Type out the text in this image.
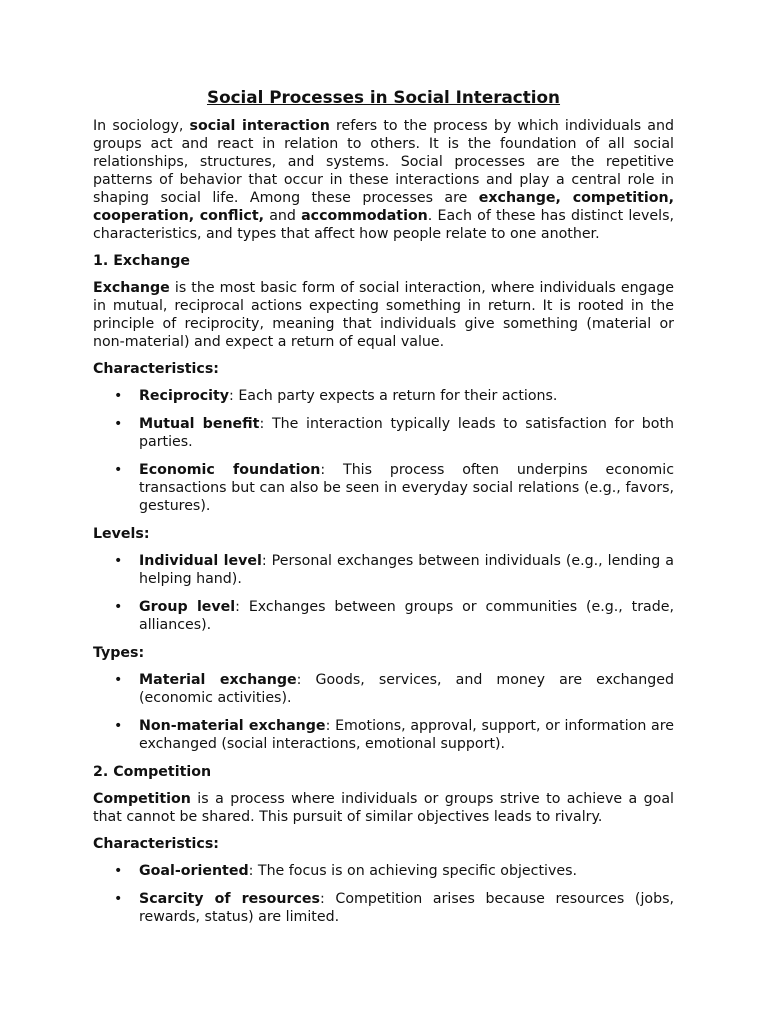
Social Processes in Social Interaction

In sociology, social interaction refers to the process by which individuals and groups act and react in relation to others. It is the foundation of all social relationships, structures, and systems. Social processes are the repetitive patterns of behavior that occur in these interactions and play a central role in shaping social life. Among these processes are exchange, competition, cooperation, conflict, and accommodation. Each of these has distinct levels, characteristics, and types that affect how people relate to one another.

1. Exchange

Exchange is the most basic form of social interaction, where individuals engage in mutual, reciprocal actions expecting something in return. It is rooted in the principle of reciprocity, meaning that individuals give something (material or non-material) and expect a return of equal value.

Characteristics:
• Reciprocity: Each party expects a return for their actions.
• Mutual benefit: The interaction typically leads to satisfaction for both parties.
• Economic foundation: This process often underpins economic transactions but can also be seen in everyday social relations (e.g., favors, gestures).
Levels:
• Individual level: Personal exchanges between individuals (e.g., lending a helping hand).
• Group level: Exchanges between groups or communities (e.g., trade, alliances).
Types:
• Material exchange: Goods, services, and money are exchanged (economic activities).
• Non-material exchange: Emotions, approval, support, or information are exchanged (social interactions, emotional support).
2. Competition

Competition is a process where individuals or groups strive to achieve a goal that cannot be shared. This pursuit of similar objectives leads to rivalry.

Characteristics:
• Goal-oriented: The focus is on achieving specific objectives.
• Scarcity of resources: Competition arises because resources (jobs, rewards, status) are limited.
